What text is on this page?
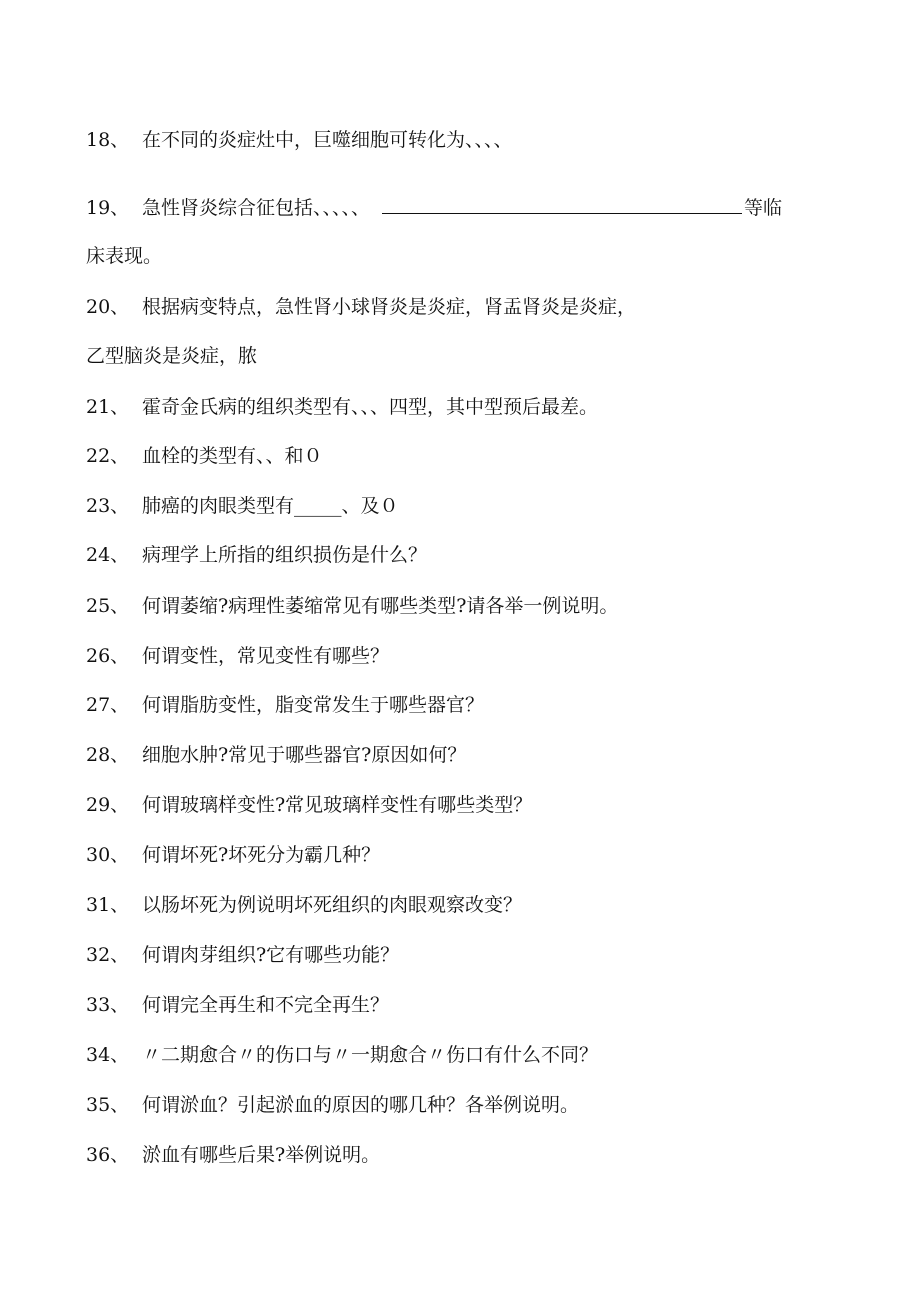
18、 在不同的炎症灶中，巨噬细胞可转化为、、、、
19、 急性肾炎综合征包括、、、、、	等临
床表现。
20、 根据病变特点，急性肾小球肾炎是炎症，肾盂肾炎是炎症，
乙型脑炎是炎症，脓
21、 霍奇金氏病的组织类型有、、、四型，其中型预后最差。
22、 血栓的类型有、、和０
23、 肺癌的肉眼类型有_____、及０
24、 病理学上所指的组织损伤是什么？
25、 何谓萎缩?病理性萎缩常见有哪些类型?请各举一例说明。
26、 何谓变性，常见变性有哪些？
27、 何谓脂肪变性，脂变常发生于哪些器官？
28、 细胞水肿?常见于哪些器官?原因如何？
29、 何谓玻璃样变性?常见玻璃样变性有哪些类型？
30、 何谓坏死?坏死分为霸几种？
31、 以肠坏死为例说明坏死组织的肉眼观察改变？
32、 何谓肉芽组织?它有哪些功能？
33、 何谓完全再生和不完全再生？
34、 〃二期愈合〃的伤口与〃一期愈合〃伤口有什么不同？
35、 何谓淤血？引起淤血的原因的哪几种？各举例说明。
36、 淤血有哪些后果?举例说明。
